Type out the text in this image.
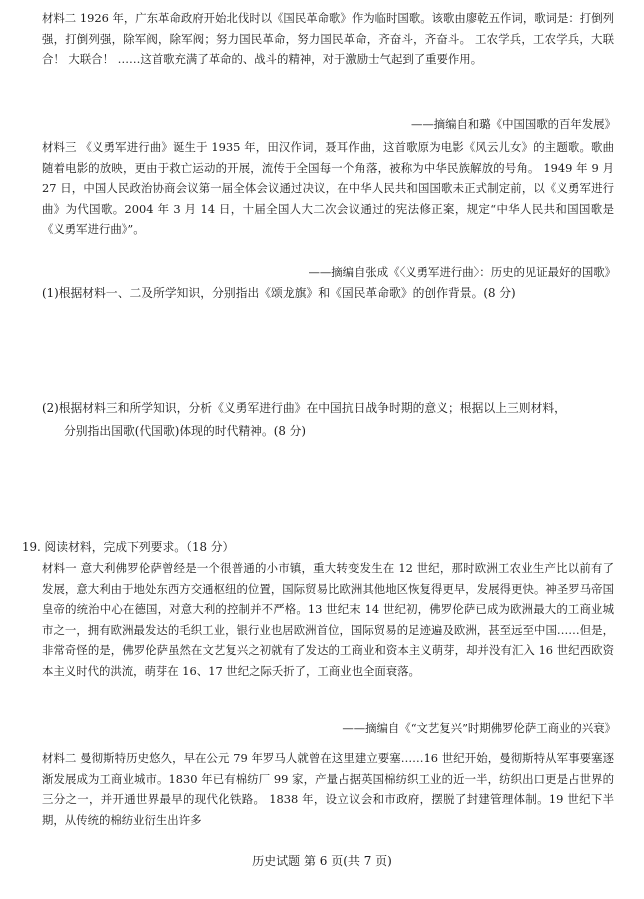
材料二 1926 年，广东革命政府开始北伐时以《国民革命歌》作为临时国歌。该歌由廖乾五作词，歌词是：打倒列强，打倒列强，除军阀，除军阀；努力国民革命，努力国民革命，齐奋斗，齐奋斗。 工农学兵，工农学兵，大联合！ 大联合！ ……这首歌充满了革命的、战斗的精神，对于激励士气起到了重要作用。

——摘编自和璐《中国国歌的百年发展》

材料三 《义勇军进行曲》诞生于 1935 年，田汉作词，聂耳作曲，这首歌原为电影《风云儿女》的主题歌。歌曲随着电影的放映，更由于救亡运动的开展，流传于全国每一个角落，被称为中华民族解放的号角。 1949 年 9 月 27 日，中国人民政治协商会议第一届全体会议通过决议，在中华人民共和国国歌未正式制定前，以《义勇军进行曲》为代国歌。2004 年 3 月 14 日，十届全国人大二次会议通过的宪法修正案，规定“中华人民共和国国歌是《义勇军进行曲》”。

——摘编自张成《〈义勇军进行曲〉：历史的见证最好的国歌》

(1)根据材料一、二及所学知识，分别指出《颂龙旗》和《国民革命歌》的创作背景。(8 分)

(2)根据材料三和所学知识，分析《义勇军进行曲》在中国抗日战争时期的意义；根据以上三则材料，
分别指出国歌(代国歌)体现的时代精神。(8 分)

19. 阅读材料，完成下列要求。（18 分）

材料一 意大利佛罗伦萨曾经是一个很普通的小市镇，重大转变发生在 12 世纪，那时欧洲工农业生产比以前有了发展，意大利由于地处东西方交通枢纽的位置，国际贸易比欧洲其他地区恢复得更早，发展得更快。神圣罗马帝国皇帝的统治中心在德国，对意大利的控制并不严格。13 世纪末 14 世纪初，佛罗伦萨已成为欧洲最大的工商业城市之一，拥有欧洲最发达的毛织工业，银行业也居欧洲首位，国际贸易的足迹遍及欧洲，甚至远至中国……但是，非常奇怪的是，佛罗伦萨虽然在文艺复兴之初就有了发达的工商业和资本主义萌芽，却并没有汇入 16 世纪西欧资本主义时代的洪流，萌芽在 16、17 世纪之际夭折了，工商业也全面衰落。

——摘编自《“文艺复兴”时期佛罗伦萨工商业的兴衰》

材料二 曼彻斯特历史悠久，早在公元 79 年罗马人就曾在这里建立要塞……16 世纪开始，曼彻斯特从军事要塞逐渐发展成为工商业城市。1830 年已有棉纺厂 99 家，产量占据英国棉纺织工业的近一半，纺织出口更是占世界的三分之一，并开通世界最早的现代化铁路。 1838 年，设立议会和市政府，摆脱了封建管理体制。19 世纪下半期，从传统的棉纺业衍生出许多

历史试题 第 6 页(共 7 页)
